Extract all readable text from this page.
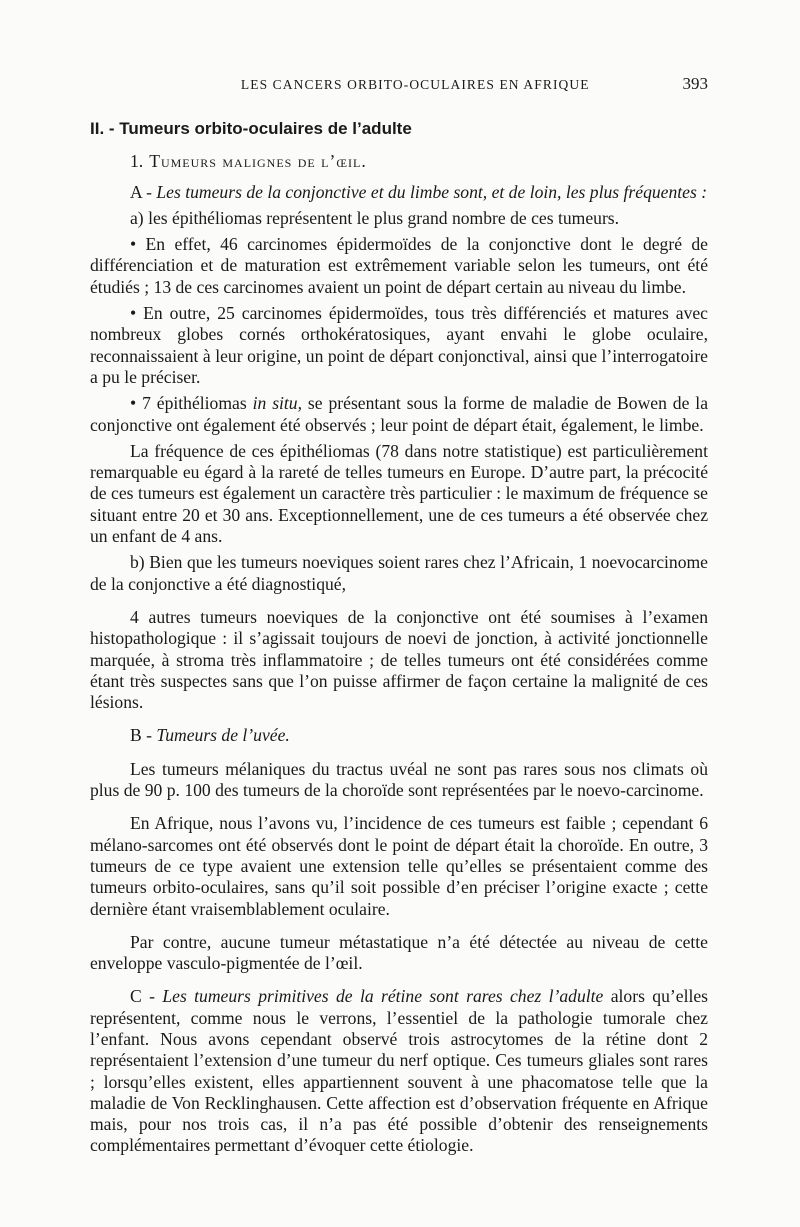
LES CANCERS ORBITO-OCULAIRES EN AFRIQUE	393
II. - Tumeurs orbito-oculaires de l’adulte
1. Tumeurs malignes de l’œil.

A - Les tumeurs de la conjonctive et du limbe sont, et de loin, les plus fréquentes :

a) les épithéliomas représentent le plus grand nombre de ces tumeurs.

• En effet, 46 carcinomes épidermoïdes de la conjonctive dont le degré de différenciation et de maturation est extrêmement variable selon les tumeurs, ont été étudiés ; 13 de ces carcinomes avaient un point de départ certain au niveau du limbe.

• En outre, 25 carcinomes épidermoïdes, tous très différenciés et matures avec nombreux globes cornés orthokératosiques, ayant envahi le globe oculaire, reconnaissaient à leur origine, un point de départ conjonctival, ainsi que l’interrogatoire a pu le préciser.

• 7 épithéliomas in situ, se présentant sous la forme de maladie de Bowen de la conjonctive ont également été observés ; leur point de départ était, également, le limbe.

La fréquence de ces épithéliomas (78 dans notre statistique) est particulièrement remarquable eu égard à la rareté de telles tumeurs en Europe. D’autre part, la précocité de ces tumeurs est également un caractère très particulier : le maximum de fréquence se situant entre 20 et 30 ans. Exceptionnellement, une de ces tumeurs a été observée chez un enfant de 4 ans.

b) Bien que les tumeurs noeviques soient rares chez l’Africain, 1 noevocarcinome de la conjonctive a été diagnostiqué,

4 autres tumeurs noeviques de la conjonctive ont été soumises à l’examen histopathologique : il s’agissait toujours de noevi de jonction, à activité jonctionnelle marquée, à stroma très inflammatoire ; de telles tumeurs ont été considérées comme étant très suspectes sans que l’on puisse affirmer de façon certaine la malignité de ces lésions.

B - Tumeurs de l’uvée.

Les tumeurs mélaniques du tractus uvéal ne sont pas rares sous nos climats où plus de 90 p. 100 des tumeurs de la choroïde sont représentées par le noevo-carcinome.

En Afrique, nous l’avons vu, l’incidence de ces tumeurs est faible ; cependant 6 mélano-sarcomes ont été observés dont le point de départ était la choroïde. En outre, 3 tumeurs de ce type avaient une extension telle qu’elles se présentaient comme des tumeurs orbito-oculaires, sans qu’il soit possible d’en préciser l’origine exacte ; cette dernière étant vraisemblablement oculaire.

Par contre, aucune tumeur métastatique n’a été détectée au niveau de cette enveloppe vasculo-pigmentée de l’œil.

C - Les tumeurs primitives de la rétine sont rares chez l’adulte alors qu’elles représentent, comme nous le verrons, l’essentiel de la pathologie tumorale chez l’enfant. Nous avons cependant observé trois astrocytomes de la rétine dont 2 représentaient l’extension d’une tumeur du nerf optique. Ces tumeurs gliales sont rares ; lorsqu’elles existent, elles appartiennent souvent à une phacomatose telle que la maladie de Von Recklinghausen. Cette affection est d’observation fréquente en Afrique mais, pour nos trois cas, il n’a pas été possible d’obtenir des renseignements complémentaires permettant d’évoquer cette étiologie.
